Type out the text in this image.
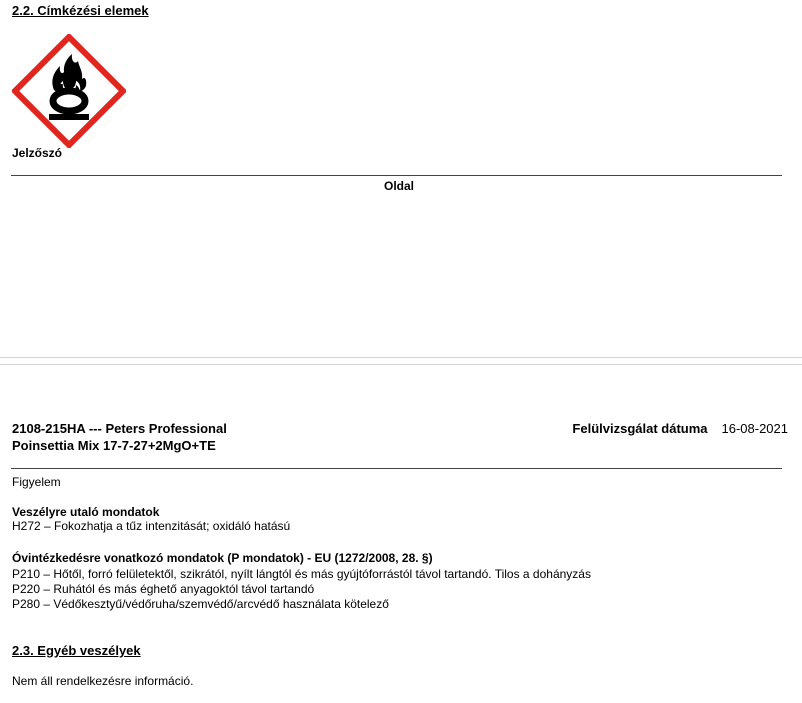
2.2. Címkézési elemek
Jelzőszó
Oldal
2108-215HA --- Peters Professional
Poinsettia Mix 17-7-27+2MgO+TE
Felülvizsgálat dátuma 16-08-2021
Figyelem
Veszélyre utaló mondatok
H272 – Fokozhatja a tűz intenzitását; oxidáló hatású
Óvintézkedésre vonatkozó mondatok (P mondatok) - EU (1272/2008, 28. §)
P210 – Hőtől, forró felületektől, szikrától, nyílt lángtól és más gyújtóforrástól távol tartandó. Tilos a dohányzás
P220 – Ruhától és más éghető anyagoktól távol tartandó
P280 – Védőkesztyű/védőruha/szemvédő/arcvédő használata kötelező
2.3. Egyéb veszélyek
Nem áll rendelkezésre információ.
